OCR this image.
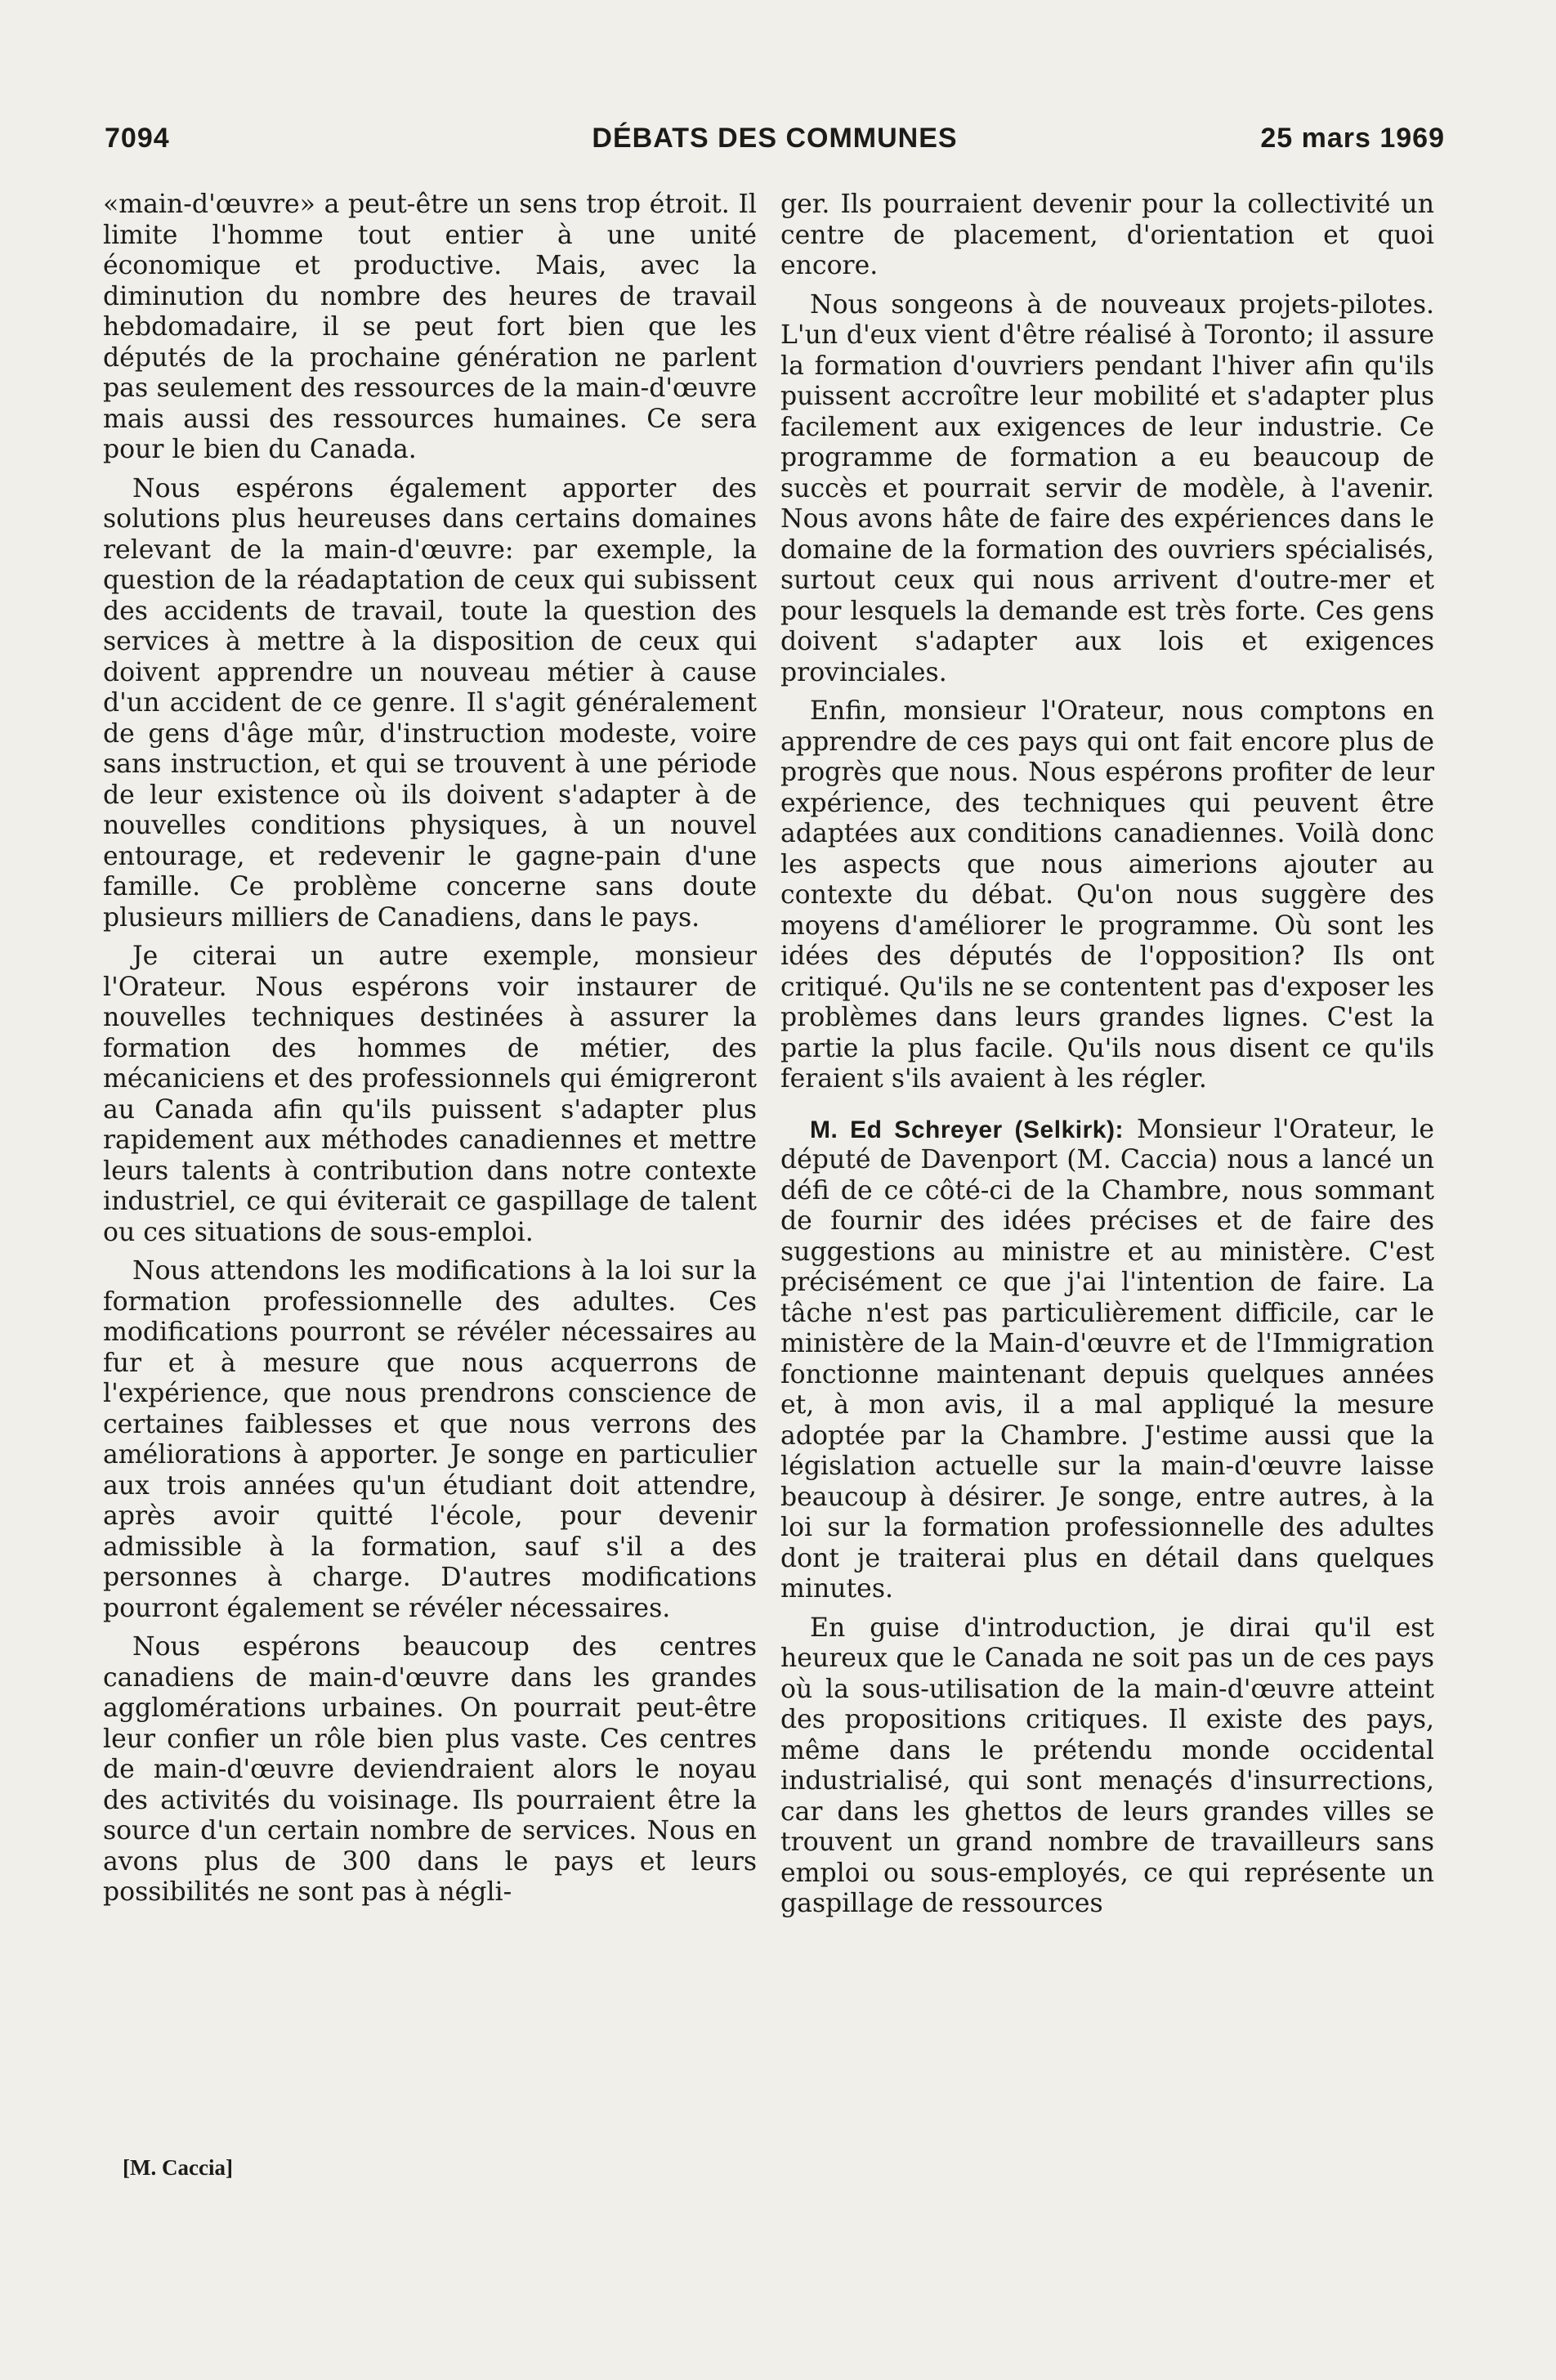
7094	DÉBATS DES COMMUNES	25 mars 1969

«main-d'œuvre» a peut-être un sens trop étroit. Il limite l'homme tout entier à une unité économique et productive. Mais, avec la diminution du nombre des heures de travail hebdomadaire, il se peut fort bien que les députés de la prochaine génération ne parlent pas seulement des ressources de la main-d'œuvre mais aussi des ressources humaines. Ce sera pour le bien du Canada.

Nous espérons également apporter des solutions plus heureuses dans certains domaines relevant de la main-d'œuvre: par exemple, la question de la réadaptation de ceux qui subissent des accidents de travail, toute la question des services à mettre à la disposition de ceux qui doivent apprendre un nouveau métier à cause d'un accident de ce genre. Il s'agit généralement de gens d'âge mûr, d'instruction modeste, voire sans instruction, et qui se trouvent à une période de leur existence où ils doivent s'adapter à de nouvelles conditions physiques, à un nouvel entourage, et redevenir le gagne-pain d'une famille. Ce problème concerne sans doute plusieurs milliers de Canadiens, dans le pays.

Je citerai un autre exemple, monsieur l'Orateur. Nous espérons voir instaurer de nouvelles techniques destinées à assurer la formation des hommes de métier, des mécaniciens et des professionnels qui émigreront au Canada afin qu'ils puissent s'adapter plus rapidement aux méthodes canadiennes et mettre leurs talents à contribution dans notre contexte industriel, ce qui éviterait ce gaspillage de talent ou ces situations de sous-emploi.

Nous attendons les modifications à la loi sur la formation professionnelle des adultes. Ces modifications pourront se révéler nécessaires au fur et à mesure que nous acquerrons de l'expérience, que nous prendrons conscience de certaines faiblesses et que nous verrons des améliorations à apporter. Je songe en particulier aux trois années qu'un étudiant doit attendre, après avoir quitté l'école, pour devenir admissible à la formation, sauf s'il a des personnes à charge. D'autres modifications pourront également se révéler nécessaires.

Nous espérons beaucoup des centres canadiens de main-d'œuvre dans les grandes agglomérations urbaines. On pourrait peut-être leur confier un rôle bien plus vaste. Ces centres de main-d'œuvre deviendraient alors le noyau des activités du voisinage. Ils pourraient être la source d'un certain nombre de services. Nous en avons plus de 300 dans le pays et leurs possibilités ne sont pas à négli-

ger. Ils pourraient devenir pour la collectivité un centre de placement, d'orientation et quoi encore.

Nous songeons à de nouveaux projets-pilotes. L'un d'eux vient d'être réalisé à Toronto; il assure la formation d'ouvriers pendant l'hiver afin qu'ils puissent accroître leur mobilité et s'adapter plus facilement aux exigences de leur industrie. Ce programme de formation a eu beaucoup de succès et pourrait servir de modèle, à l'avenir. Nous avons hâte de faire des expériences dans le domaine de la formation des ouvriers spécialisés, surtout ceux qui nous arrivent d'outre-mer et pour lesquels la demande est très forte. Ces gens doivent s'adapter aux lois et exigences provinciales.

Enfin, monsieur l'Orateur, nous comptons en apprendre de ces pays qui ont fait encore plus de progrès que nous. Nous espérons profiter de leur expérience, des techniques qui peuvent être adaptées aux conditions canadiennes. Voilà donc les aspects que nous aimerions ajouter au contexte du débat. Qu'on nous suggère des moyens d'améliorer le programme. Où sont les idées des députés de l'opposition? Ils ont critiqué. Qu'ils ne se contentent pas d'exposer les problèmes dans leurs grandes lignes. C'est la partie la plus facile. Qu'ils nous disent ce qu'ils feraient s'ils avaient à les régler.

M. Ed Schreyer (Selkirk): Monsieur l'Orateur, le député de Davenport (M. Caccia) nous a lancé un défi de ce côté-ci de la Chambre, nous sommant de fournir des idées précises et de faire des suggestions au ministre et au ministère. C'est précisément ce que j'ai l'intention de faire. La tâche n'est pas particulièrement difficile, car le ministère de la Main-d'œuvre et de l'Immigration fonctionne maintenant depuis quelques années et, à mon avis, il a mal appliqué la mesure adoptée par la Chambre. J'estime aussi que la législation actuelle sur la main-d'œuvre laisse beaucoup à désirer. Je songe, entre autres, à la loi sur la formation professionnelle des adultes dont je traiterai plus en détail dans quelques minutes.

En guise d'introduction, je dirai qu'il est heureux que le Canada ne soit pas un de ces pays où la sous-utilisation de la main-d'œuvre atteint des propositions critiques. Il existe des pays, même dans le prétendu monde occidental industrialisé, qui sont menaçés d'insurrections, car dans les ghettos de leurs grandes villes se trouvent un grand nombre de travailleurs sans emploi ou sous-employés, ce qui représente un gaspillage de ressources

[M. Caccia]
